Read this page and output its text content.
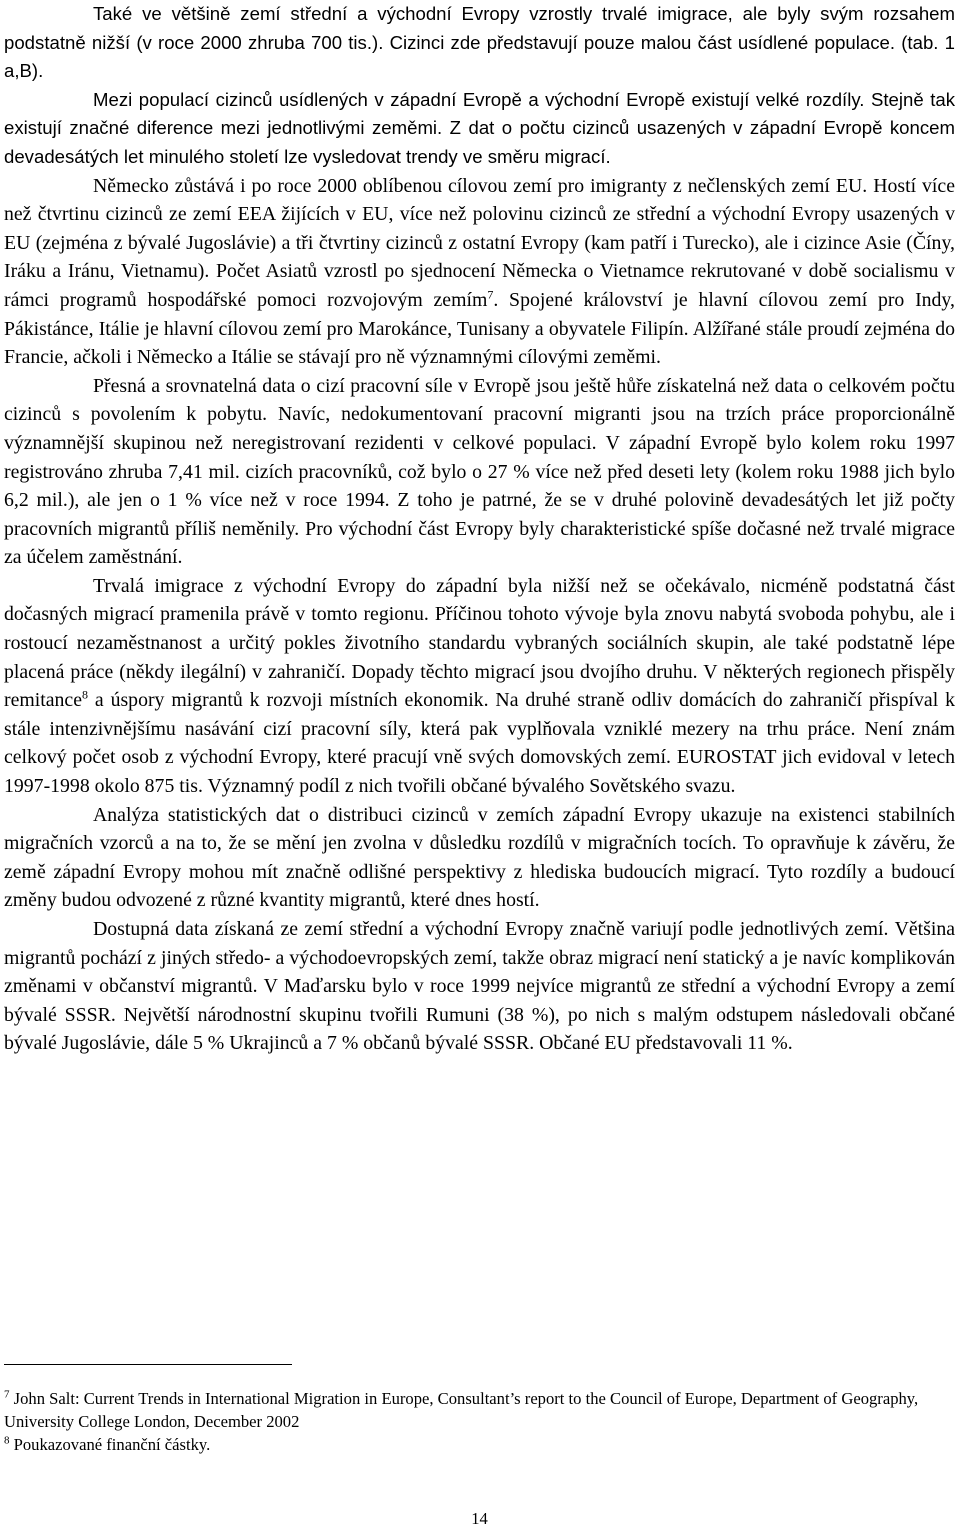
Také ve většině zemí střední a východní Evropy vzrostly trvalé imigrace, ale byly svým rozsahem podstatně nižší (v roce 2000 zhruba 700 tis.). Cizinci zde představují pouze malou část usídlené populace. (tab. 1 a,B).

Mezi populací cizinců usídlených v západní Evropě a východní Evropě existují velké rozdíly. Stejně tak existují značné diference mezi jednotlivými zeměmi. Z dat o počtu cizinců usazených v západní Evropě koncem devadesátých let minulého století lze vysledovat trendy ve směru migrací.

Německo zůstává i po roce 2000 oblíbenou cílovou zemí pro imigranty z nečlenských zemí EU. Hostí více než čtvrtinu cizinců ze zemí EEA žijících v EU, více než polovinu cizinců ze střední a východní Evropy usazených v EU (zejména z bývalé Jugoslávie) a tři čtvrtiny cizinců z ostatní Evropy (kam patří i Turecko), ale i cizince Asie (Číny, Iráku a Iránu, Vietnamu). Počet Asiatů vzrostl po sjednocení Německa o Vietnamce rekrutované v době socialismu v rámci programů hospodářské pomoci rozvojovým zemím$^7$. Spojené království je hlavní cílovou zemí pro Indy, Pákistánce, Itálie je hlavní cílovou zemí pro Marokánce, Tunisany a obyvatele Filipín. Alžířané stále proudí zejména do Francie, ačkoli i Německo a Itálie se stávají pro ně významnými cílovými zeměmi.

Přesná a srovnatelná data o cizí pracovní síle v Evropě jsou ještě hůře získatelná než data o celkovém počtu cizinců s povolením k pobytu. Navíc, nedokumentovaní pracovní migranti jsou na trzích práce proporcionálně významnější skupinou než neregistrovaní rezidenti v celkové populaci. V západní Evropě bylo kolem roku 1997 registrováno zhruba 7,41 mil. cizích pracovníků, což bylo o 27 % více než před deseti lety (kolem roku 1988 jich bylo 6,2 mil.), ale jen o 1 % více než v roce 1994. Z toho je patrné, že se v druhé polovině devadesátých let již počty pracovních migrantů příliš neměnily. Pro východní část Evropy byly charakteristické spíše dočasné než trvalé migrace za účelem zaměstnání.

Trvalá imigrace z východní Evropy do západní byla nižší než se očekávalo, nicméně podstatná část dočasných migrací pramenila právě v tomto regionu. Příčinou tohoto vývoje byla znovu nabytá svoboda pohybu, ale i rostoucí nezaměstnanost a určitý pokles životního standardu vybraných sociálních skupin, ale také podstatně lépe placená práce (někdy ilegální) v zahraničí. Dopady těchto migrací jsou dvojího druhu. V některých regionech přispěly remitance$^8$ a úspory migrantů k rozvoji místních ekonomik. Na druhé straně odliv domácích do zahraničí přispíval k stále intenzivnějšímu nasávání cizí pracovní síly, která pak vyplňovala vzniklé mezery na trhu práce. Není znám celkový počet osob z východní Evropy, které pracují vně svých domovských zemí. EUROSTAT jich evidoval v letech 1997-1998 okolo 875 tis. Významný podíl z nich tvořili občané bývalého Sovětského svazu.

Analýza statistických dat o distribuci cizinců v zemích západní Evropy ukazuje na existenci stabilních migračních vzorců a na to, že se mění jen zvolna v důsledku rozdílů v migračních tocích. To opravňuje k závěru, že země západní Evropy mohou mít značně odlišné perspektivy z hlediska budoucích migrací. Tyto rozdíly a budoucí změny budou odvozené z různé kvantity migrantů, které dnes hostí.

Dostupná data získaná ze zemí střední a východní Evropy značně variují podle jednotlivých zemí. Většina migrantů pochází z jiných středo- a východoevropských zemí, takže obraz migrací není statický a je navíc komplikován změnami v občanství migrantů. V Maďarsku bylo v roce 1999 nejvíce migrantů ze střední a východní Evropy a zemí bývalé SSSR. Největší národnostní skupinu tvořili Rumuni (38 %), po nich s malým odstupem následovali občané bývalé Jugoslávie, dále 5 % Ukrajinců a 7 % občanů bývalé SSSR. Občané EU představovali 11 %.

$^7$ John Salt: Current Trends in International Migration in Europe, Consultant’s report to the Council of Europe, Department of Geography, University College London, December 2002

$^8$ Poukazované finanční částky.

14
